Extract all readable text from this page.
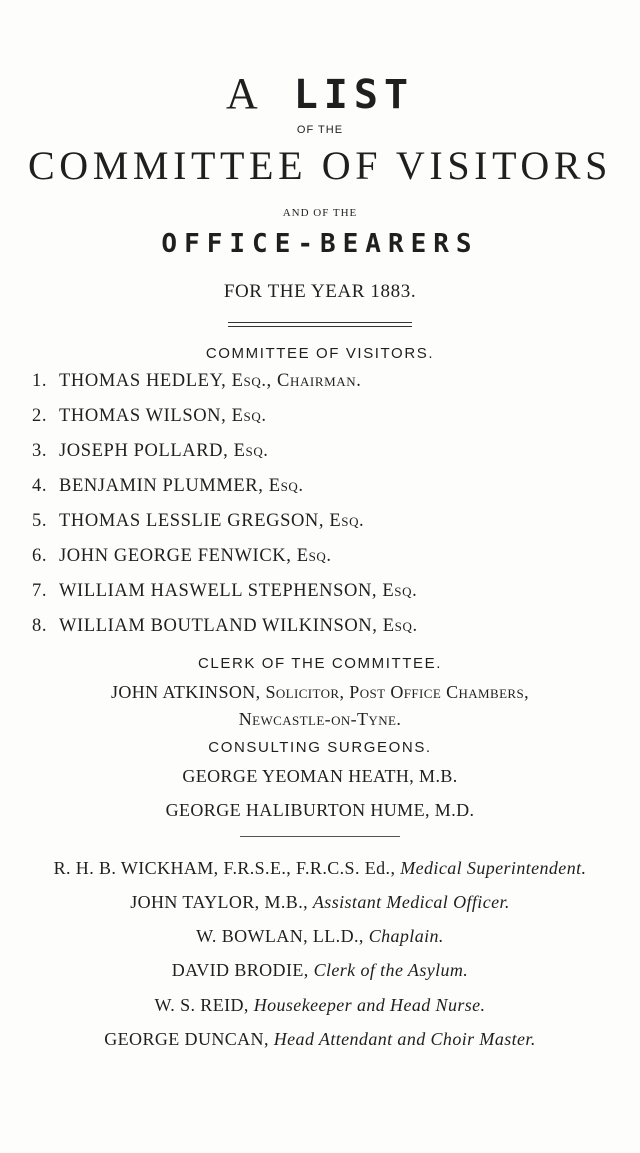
A LIST
OF THE
COMMITTEE OF VISITORS
AND OF THE
OFFICE-BEARERS
FOR THE YEAR 1883.
COMMITTEE OF VISITORS.
1. THOMAS HEDLEY, Esq., Chairman.
2. THOMAS WILSON, Esq.
3. JOSEPH POLLARD, Esq.
4. BENJAMIN PLUMMER, Esq.
5. THOMAS LESSLIE GREGSON, Esq.
6. JOHN GEORGE FENWICK, Esq.
7. WILLIAM HASWELL STEPHENSON, Esq.
8. WILLIAM BOUTLAND WILKINSON, Esq.
CLERK OF THE COMMITTEE.
JOHN ATKINSON, Solicitor, Post Office Chambers,
Newcastle-on-Tyne.
CONSULTING SURGEONS.
GEORGE YEOMAN HEATH, M.B.
GEORGE HALIBURTON HUME, M.D.
R. H. B. WICKHAM, F.R.S.E., F.R.C.S. Ed., Medical Superintendent.
JOHN TAYLOR, M.B., Assistant Medical Officer.
W. BOWLAN, LL.D., Chaplain.
DAVID BRODIE, Clerk of the Asylum.
W. S. REID, Housekeeper and Head Nurse.
GEORGE DUNCAN, Head Attendant and Choir Master.
